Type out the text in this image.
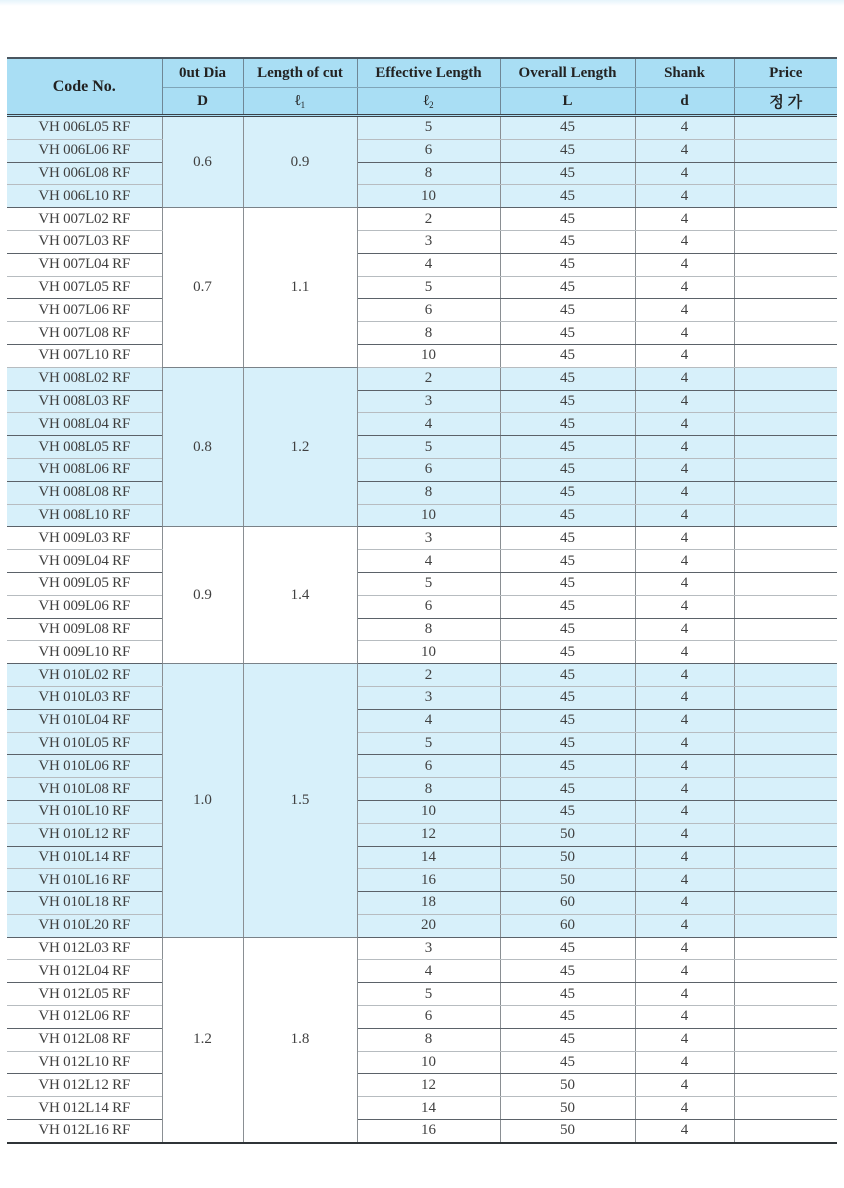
Code No.	0ut Dia	Length of cut	Effective Length	Overall Length	Shank	Price
	D	ℓ$_1$	ℓ$_2$	L	d	정 가
VH 006L05 RF	0.6	0.9	5	45	4	
VH 006L06 RF			6	45	4	
VH 006L08 RF			8	45	4	
VH 006L10 RF			10	45	4	
VH 007L02 RF	0.7	1.1	2	45	4	
VH 007L03 RF			3	45	4	
VH 007L04 RF			4	45	4	
VH 007L05 RF			5	45	4	
VH 007L06 RF			6	45	4	
VH 007L08 RF			8	45	4	
VH 007L10 RF			10	45	4	
VH 008L02 RF	0.8	1.2	2	45	4	
VH 008L03 RF			3	45	4	
VH 008L04 RF			4	45	4	
VH 008L05 RF			5	45	4	
VH 008L06 RF			6	45	4	
VH 008L08 RF			8	45	4	
VH 008L10 RF			10	45	4	
VH 009L03 RF	0.9	1.4	3	45	4	
VH 009L04 RF			4	45	4	
VH 009L05 RF			5	45	4	
VH 009L06 RF			6	45	4	
VH 009L08 RF			8	45	4	
VH 009L10 RF			10	45	4	
VH 010L02 RF	1.0	1.5	2	45	4	
VH 010L03 RF			3	45	4	
VH 010L04 RF			4	45	4	
VH 010L05 RF			5	45	4	
VH 010L06 RF			6	45	4	
VH 010L08 RF			8	45	4	
VH 010L10 RF			10	45	4	
VH 010L12 RF			12	50	4	
VH 010L14 RF			14	50	4	
VH 010L16 RF			16	50	4	
VH 010L18 RF			18	60	4	
VH 010L20 RF			20	60	4	
VH 012L03 RF	1.2	1.8	3	45	4	
VH 012L04 RF			4	45	4	
VH 012L05 RF			5	45	4	
VH 012L06 RF			6	45	4	
VH 012L08 RF			8	45	4	
VH 012L10 RF			10	45	4	
VH 012L12 RF			12	50	4	
VH 012L14 RF			14	50	4	
VH 012L16 RF			16	50	4	
